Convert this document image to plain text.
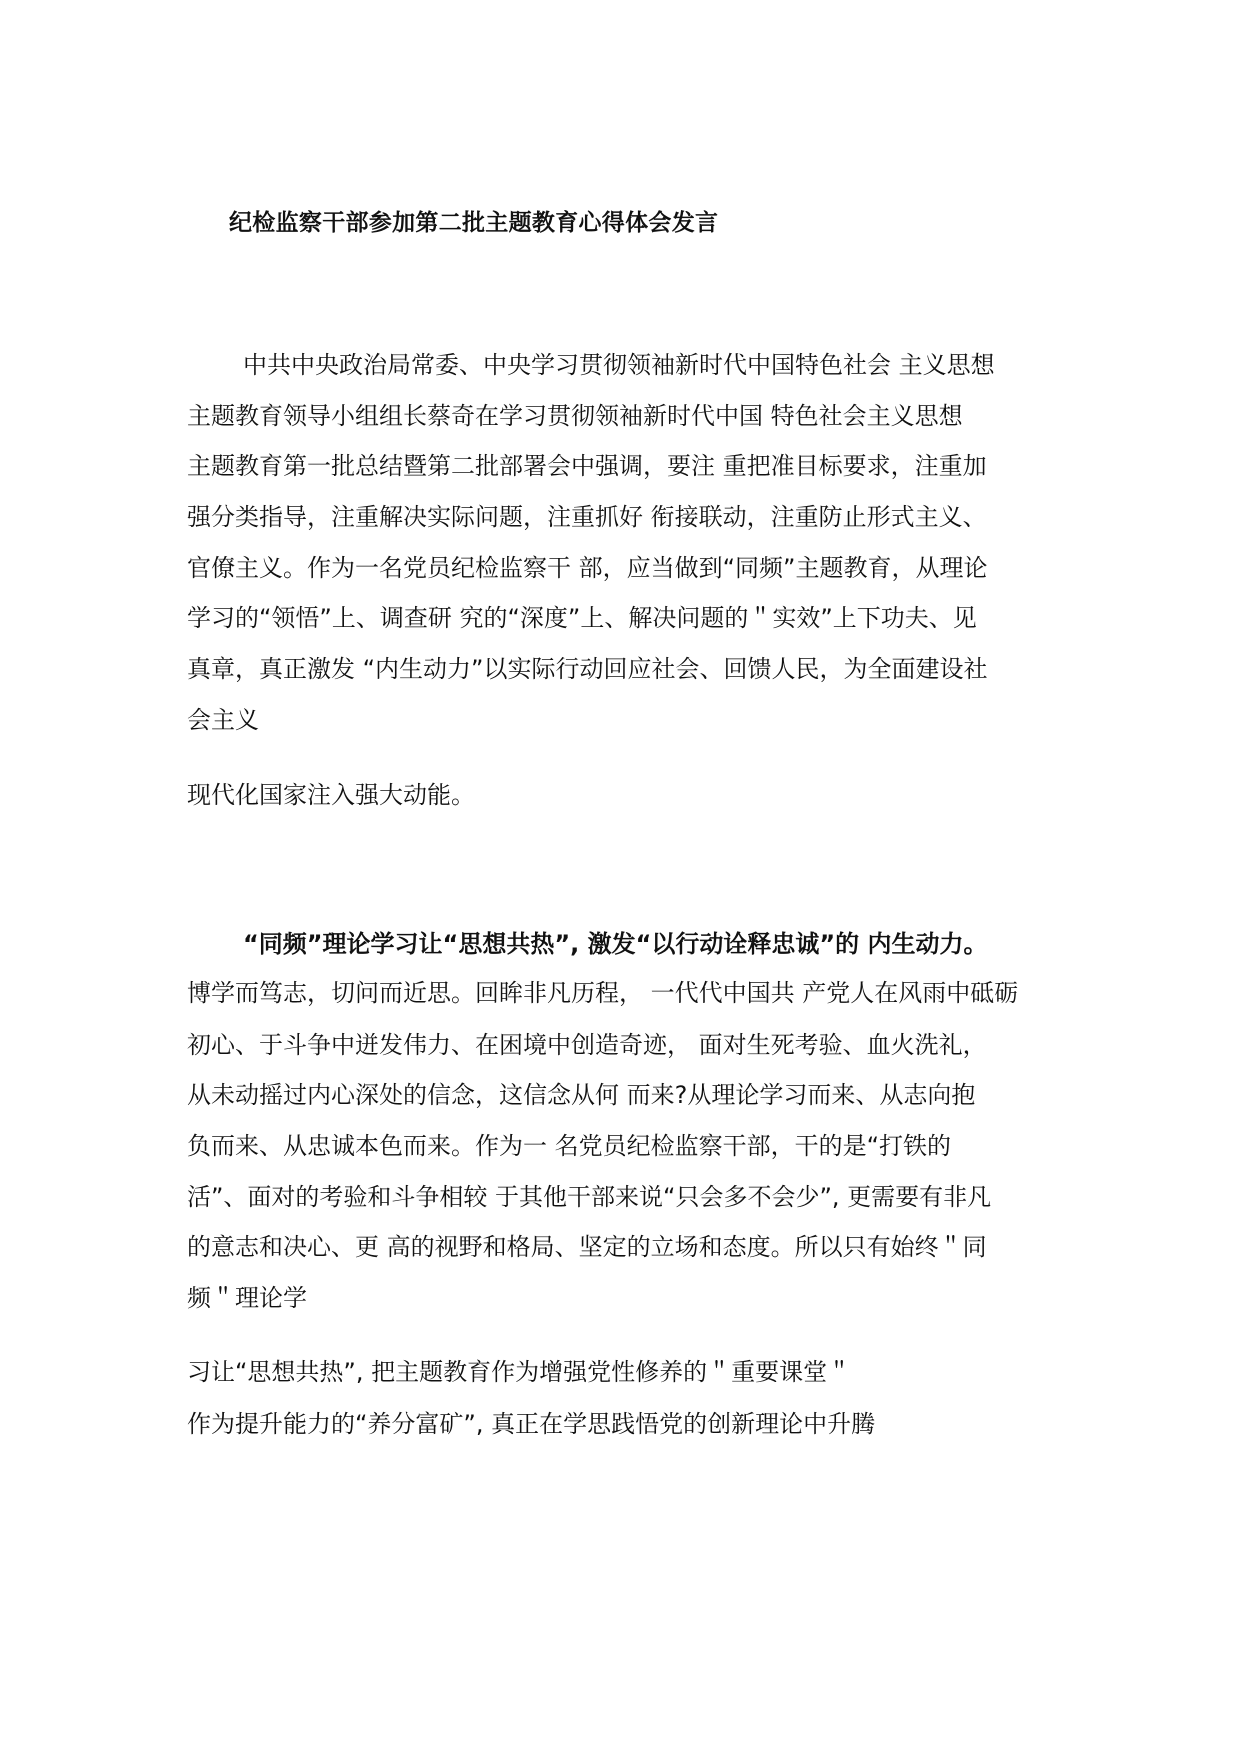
纪检监察干部参加第二批主题教育心得体会发言
中共中央政治局常委、中央学习贯彻领袖新时代中国特色社会 主义思想
主题教育领导小组组长蔡奇在学习贯彻领袖新时代中国 特色社会主义思想
主题教育第一批总结暨第二批部署会中强调，要注 重把准目标要求，注重加
强分类指导，注重解决实际问题，注重抓好 衔接联动，注重防止形式主义、
官僚主义。作为一名党员纪检监察干 部，应当做到“同频”主题教育，从理论
学习的“领悟”上、调查研 究的“深度”上、解决问题的＂实效”上下功夫、见
真章，真正激发 “内生动力”以实际行动回应社会、回馈人民，为全面建设社
会主义
现代化国家注入强大动能。
“同频”理论学习让“思想共热”, 激发“以行动诠释忠诚”的 内生动力。
博学而笃志，切问而近思。回眸非凡历程， 一代代中国共 产党人在风雨中砥砺
初心、于斗争中迸发伟力、在困境中创造奇迹， 面对生死考验、血火洗礼，
从未动摇过内心深处的信念，这信念从何 而来?从理论学习而来、从志向抱
负而来、从忠诚本色而来。作为一 名党员纪检监察干部，干的是“打铁的
活”、面对的考验和斗争相较 于其他干部来说“只会多不会少”, 更需要有非凡
的意志和决心、更 高的视野和格局、坚定的立场和态度。所以只有始终＂同
频＂理论学
习让“思想共热”, 把主题教育作为增强党性修养的＂重要课堂＂
作为提升能力的“养分富矿”, 真正在学思践悟党的创新理论中升腾
